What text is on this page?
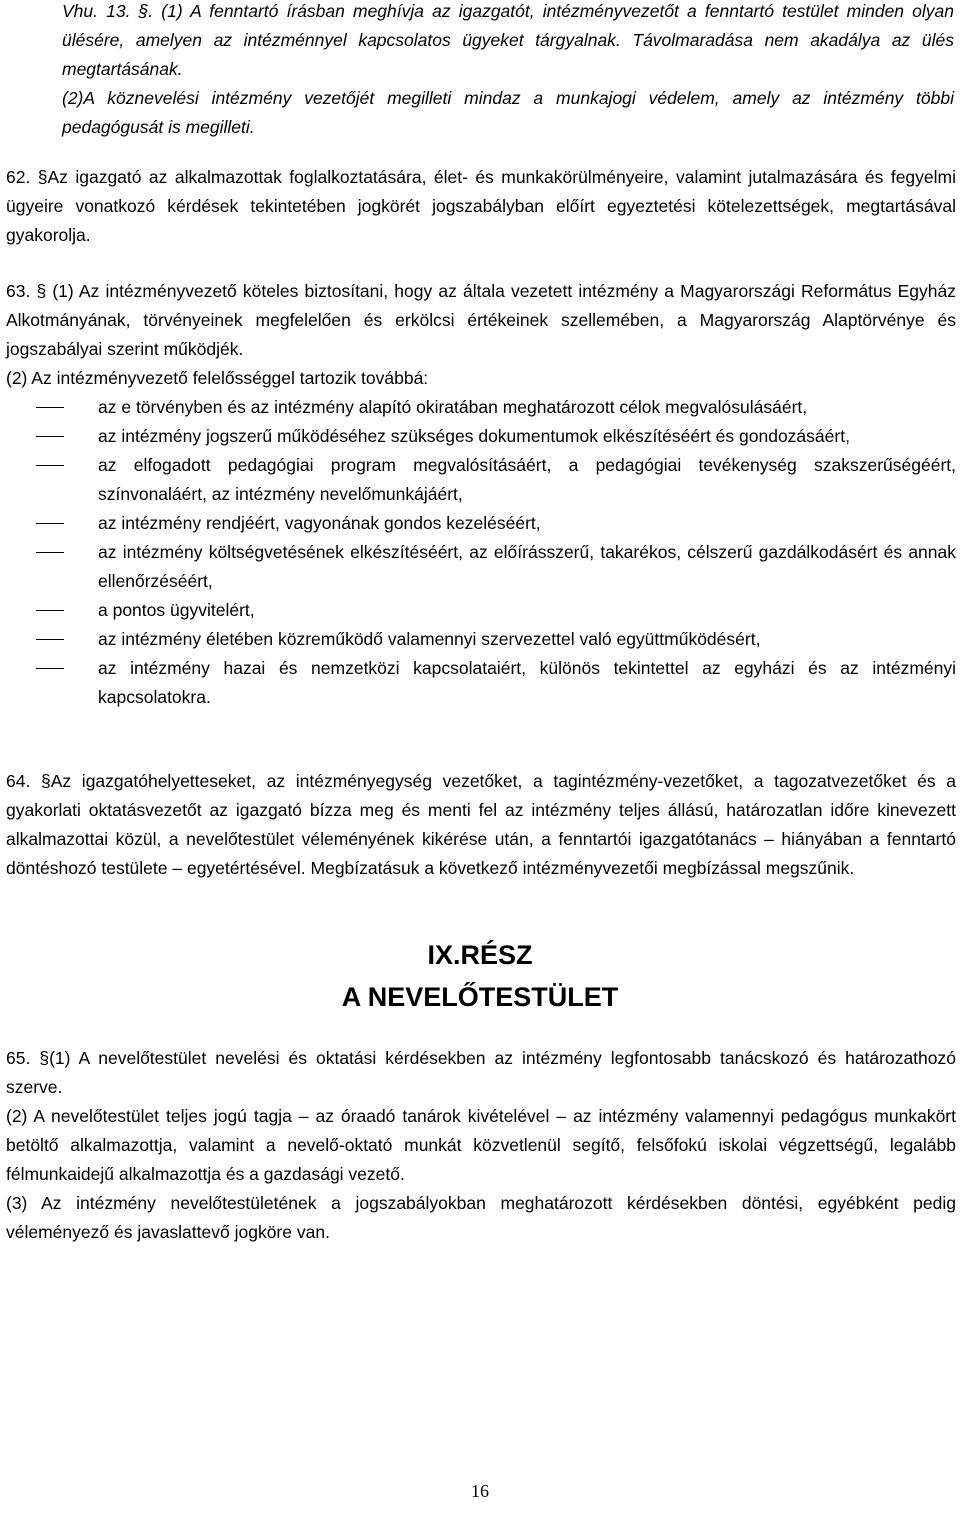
Vhu. 13. §. (1) A fenntartó írásban meghívja az igazgatót, intézményvezetőt a fenntartó testület minden olyan ülésére, amelyen az intézménnyel kapcsolatos ügyeket tárgyalnak. Távolmaradása nem akadálya az ülés megtartásának.

(2)A köznevelési intézmény vezetőjét megilleti mindaz a munkajogi védelem, amely az intézmény többi pedagógusát is megilleti.

62. §Az igazgató az alkalmazottak foglalkoztatására, élet- és munkakörülményeire, valamint jutalmazására és fegyelmi ügyeire vonatkozó kérdések tekintetében jogkörét jogszabályban előírt egyeztetési kötelezettségek, megtartásával gyakorolja.

63. § (1) Az intézményvezető köteles biztosítani, hogy az általa vezetett intézmény a Magyarországi Református Egyház Alkotmányának, törvényeinek megfelelően és erkölcsi értékeinek szellemében, a Magyarország Alaptörvénye és jogszabályai szerint működjék.

(2) Az intézményvezető felelősséggel tartozik továbbá:

az e törvényben és az intézmény alapító okiratában meghatározott célok megvalósulásáért,
az intézmény jogszerű működéséhez szükséges dokumentumok elkészítéséért és gondozásáért,
az elfogadott pedagógiai program megvalósításáért, a pedagógiai tevékenység szakszerűségéért, színvonaláért, az intézmény nevelőmunkájáért,
az intézmény rendjéért, vagyonának gondos kezeléséért,
az intézmény költségvetésének elkészítéséért, az előírásszerű, takarékos, célszerű gazdálkodásért és annak ellenőrzéséért,
a pontos ügyvitelért,
az intézmény életében közreműködő valamennyi szervezettel való együttműködésért,
az intézmény hazai és nemzetközi kapcsolataiért, különös tekintettel az egyházi és az intézményi kapcsolatokra.

64. §Az igazgatóhelyetteseket, az intézményegység vezetőket, a tagintézmény-vezetőket, a tagozatvezetőket és a gyakorlati oktatásvezetőt az igazgató bízza meg és menti fel az intézmény teljes állású, határozatlan időre kinevezett alkalmazottai közül, a nevelőtestület véleményének kikérése után, a fenntartói igazgatótanács – hiányában a fenntartó döntéshozó testülete – egyetértésével. Megbízatásuk a következő intézményvezetői megbízással megszűnik.

IX.RÉSZ
A NEVELŐTESTÜLET

65. §(1) A nevelőtestület nevelési és oktatási kérdésekben az intézmény legfontosabb tanácskozó és határozathozó szerve.

(2) A nevelőtestület teljes jogú tagja – az óraadó tanárok kivételével – az intézmény valamennyi pedagógus munkakört betöltő alkalmazottja, valamint a nevelő-oktató munkát közvetlenül segítő, felsőfokú iskolai végzettségű, legalább félmunkaidejű alkalmazottja és a gazdasági vezető.

(3) Az intézmény nevelőtestületének a jogszabályokban meghatározott kérdésekben döntési, egyébként pedig véleményező és javaslattevő jogköre van.

16
